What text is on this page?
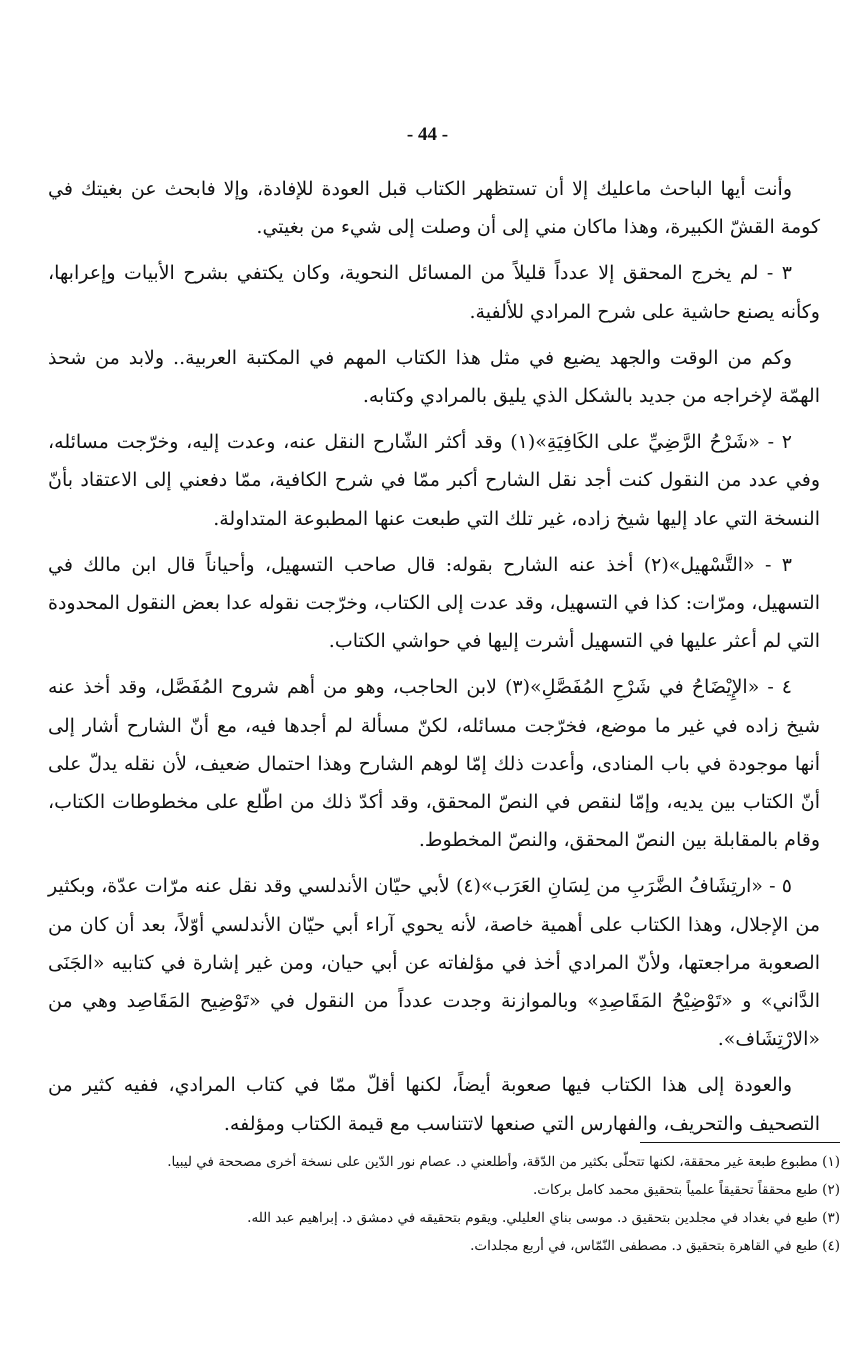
- 44 -

وأنت أيها الباحث ماعليك إلا أن تستظهر الكتاب قبل العودة للإفادة، وإلا فابحث عن بغيتك في كومة القشّ الكبيرة، وهذا ماكان مني إلى أن وصلت إلى شيء من بغيتي.

٣ - لم يخرج المحقق إلا عدداً قليلاً من المسائل النحوية، وكان يكتفي بشرح الأبيات وإعرابها، وكأنه يصنع حاشية على شرح المرادي للألفية.

وكم من الوقت والجهد يضيع في مثل هذا الكتاب المهم في المكتبة العربية.. ولابد من شحذ الهمّة لإخراجه من جديد بالشكل الذي يليق بالمرادي وكتابه.

٢ - «شَرْحُ الرَّضِيِّ على الكَافِيَةِ»(١) وقد أكثر الشّارح النقل عنه، وعدت إليه، وخرّجت مسائله، وفي عدد من النقول كنت أجد نقل الشارح أكبر ممّا في شرح الكافية، ممّا دفعني إلى الاعتقاد بأنّ النسخة التي عاد إليها شيخ زاده، غير تلك التي طبعت عنها المطبوعة المتداولة.

٣ - «التَّسْهيل»(٢) أخذ عنه الشارح بقوله: قال صاحب التسهيل، وأحياناً قال ابن مالك في التسهيل، ومرّات: كذا في التسهيل، وقد عدت إلى الكتاب، وخرّجت نقوله عدا بعض النقول المحدودة التي لم أعثر عليها في التسهيل أشرت إليها في حواشي الكتاب.

٤ - «الإِيْضَاحُ في شَرْحِ المُفَصَّلِ»(٣) لابن الحاجب، وهو من أهم شروح المُفَصَّل، وقد أخذ عنه شيخ زاده في غير ما موضع، فخرّجت مسائله، لكنّ مسألة لم أجدها فيه، مع أنّ الشارح أشار إلى أنها موجودة في باب المنادى، وأعدت ذلك إمّا لوهم الشارح وهذا احتمال ضعيف، لأن نقله يدلّ على أنّ الكتاب بين يديه، وإمّا لنقص في النصّ المحقق، وقد أكدّ ذلك من اطّلع على مخطوطات الكتاب، وقام بالمقابلة بين النصّ المحقق، والنصّ المخطوط.

٥ - «ارتِشَافُ الضَّرَبِ من لِسَانِ العَرَب»(٤) لأبي حيّان الأندلسي وقد نقل عنه مرّات عدّة، وبكثير من الإجلال، وهذا الكتاب على أهمية خاصة، لأنه يحوي آراء أبي حيّان الأندلسي أوّلاً، بعد أن كان من الصعوبة مراجعتها، ولأنّ المرادي أخذ في مؤلفاته عن أبي حيان، ومن غير إشارة في كتابيه «الجَنَى الدَّاني» و «تَوْضِيْحُ المَقَاصِدِ» وبالموازنة وجدت عدداً من النقول في «تَوْضِيح المَقَاصِد وهي من «الارْتِشَاف».

والعودة إلى هذا الكتاب فيها صعوبة أيضاً، لكنها أقلّ ممّا في كتاب المرادي، ففيه كثير من التصحيف والتحريف، والفهارس التي صنعها لاتتناسب مع قيمة الكتاب ومؤلفه.

(١) مطبوع طبعة غير محققة، لكنها تتحلّى بكثير من الدّقة، وأطلعني د. عصام نور الدّين على نسخة أخرى مصححة في ليبيا.
(٢) طبع محققاً تحقيقاً علمياً بتحقيق محمد كامل بركات.
(٣) طبع في بغداد في مجلدين بتحقيق د. موسى بناي العليلي. ويقوم بتحقيقه في دمشق د. إبراهيم عبد الله.
(٤) طبع في القاهرة بتحقيق د. مصطفى النّمّاس، في أربع مجلدات.
